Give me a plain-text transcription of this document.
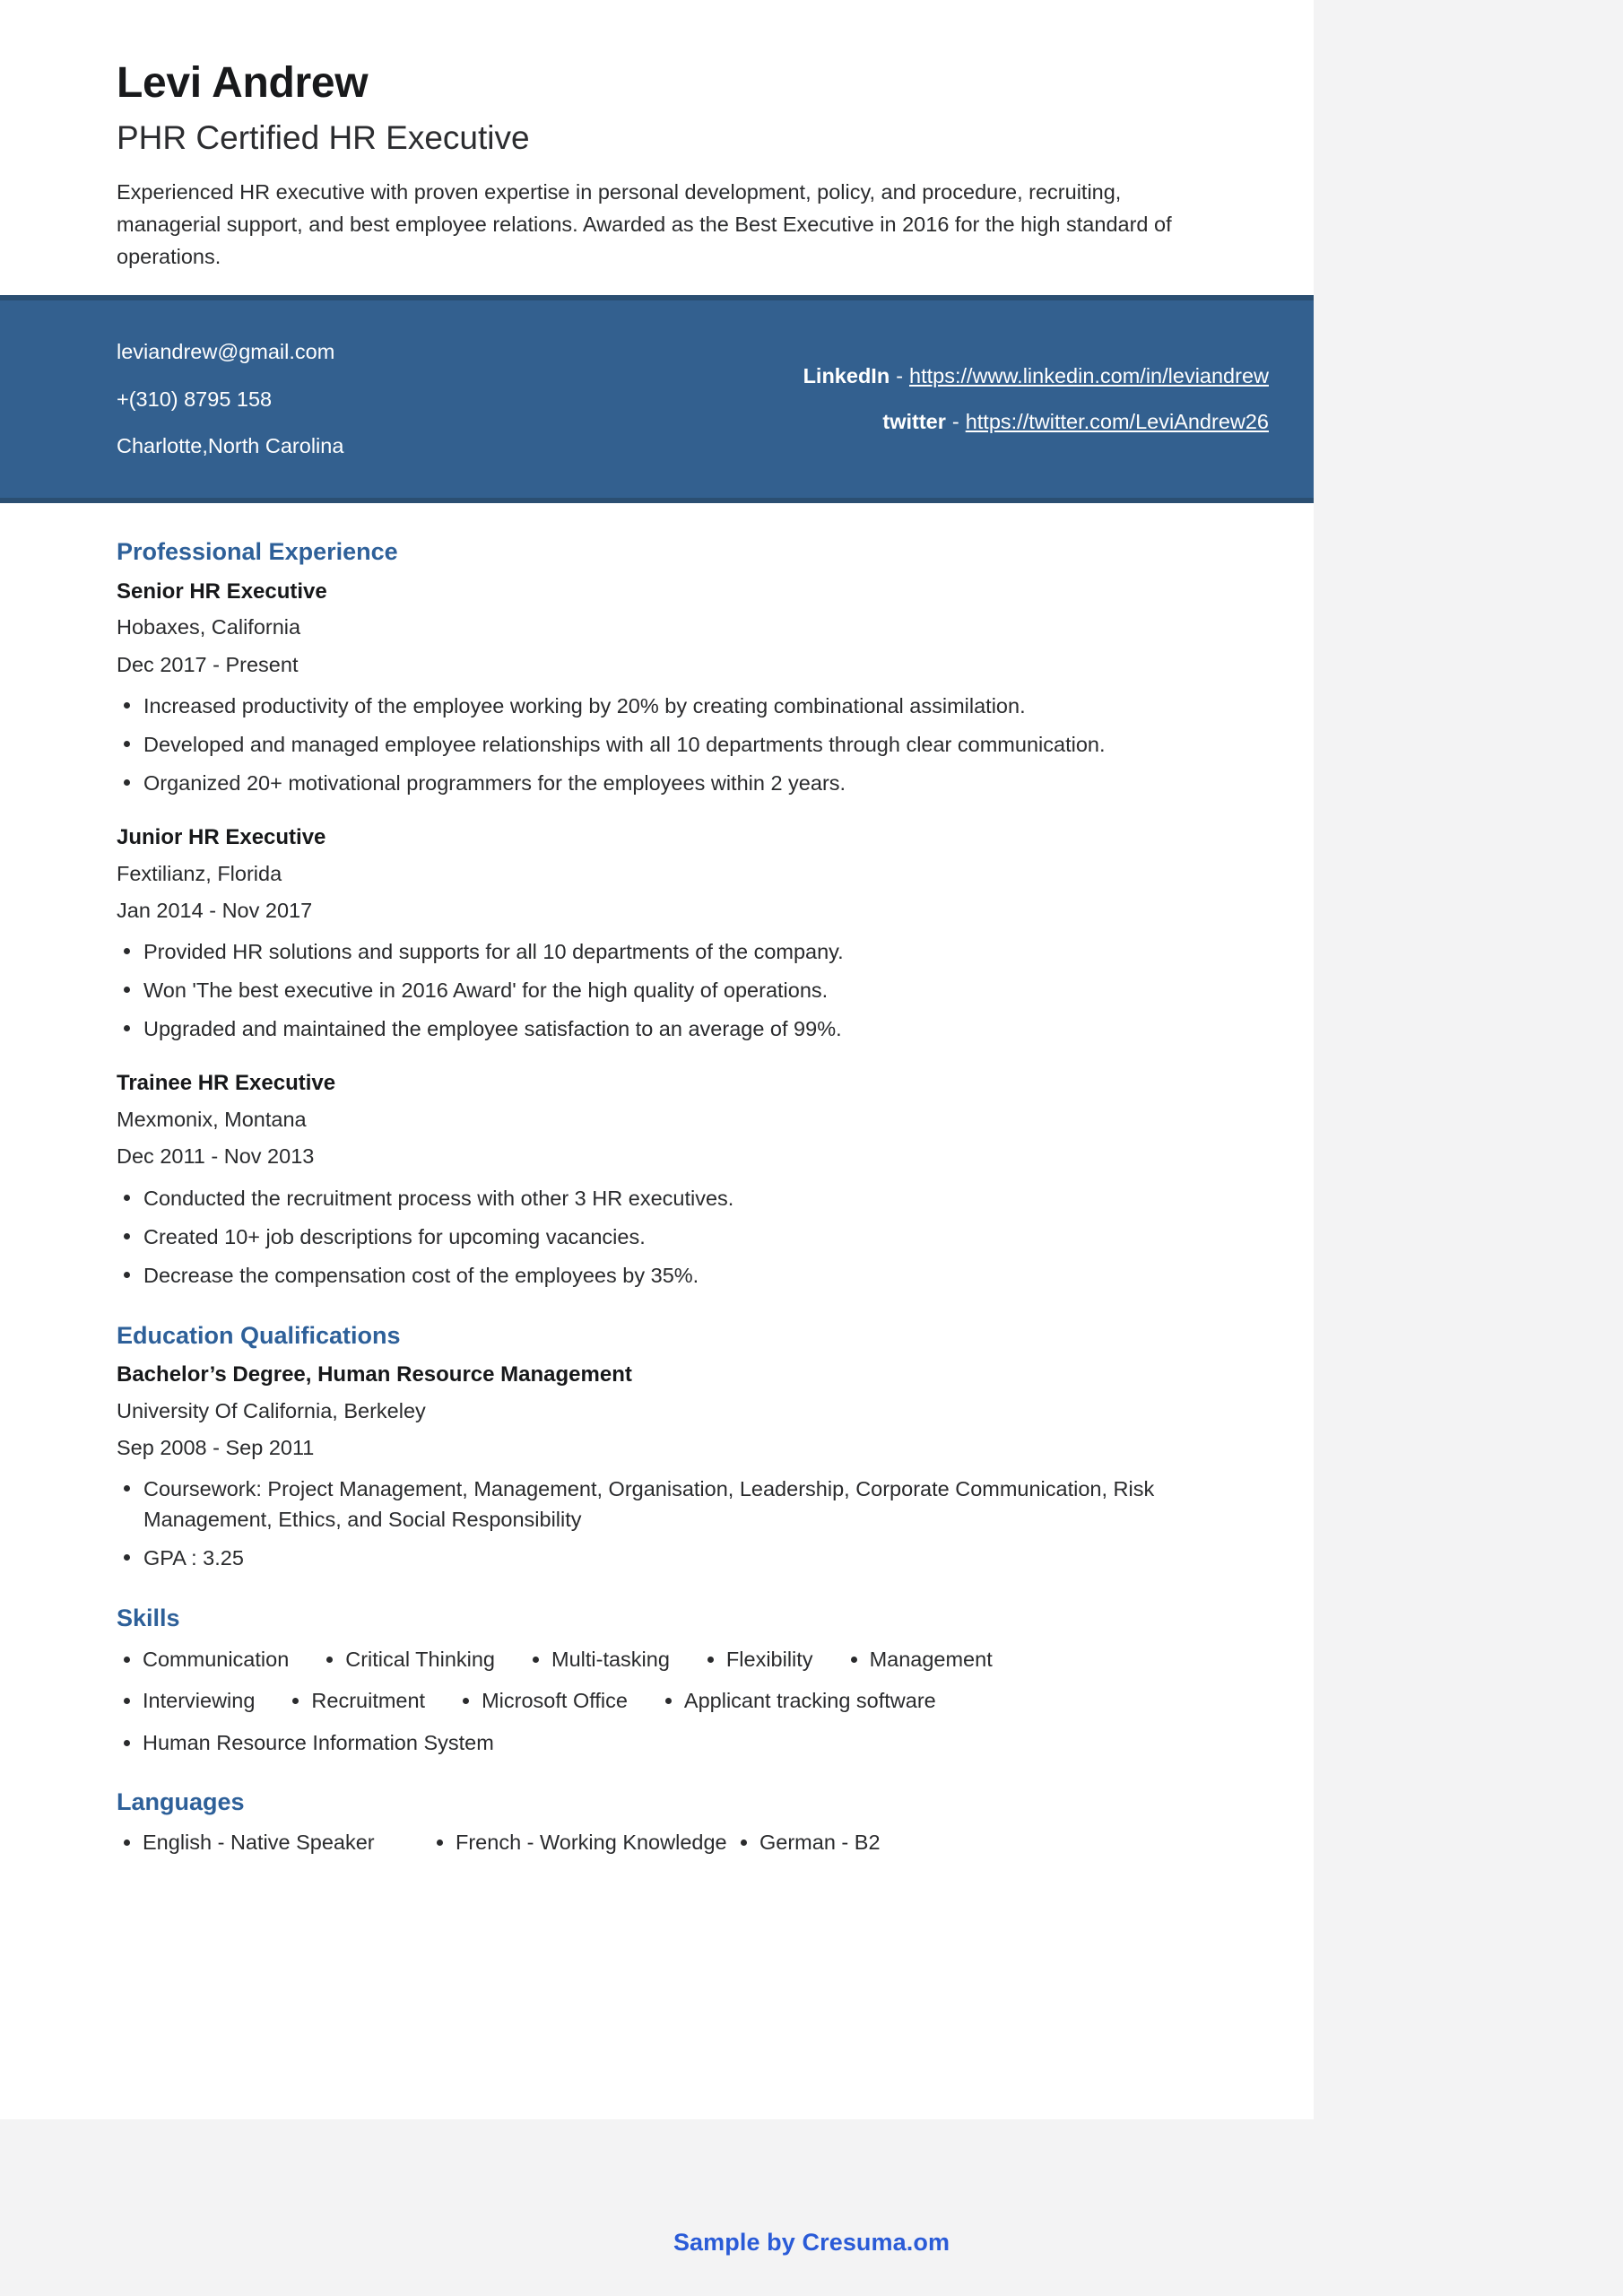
Levi Andrew
PHR Certified HR Executive

Experienced HR executive with proven expertise in personal development, policy, and procedure, recruiting, managerial support, and best employee relations. Awarded as the Best Executive in 2016 for the high standard of operations.

leviandrew@gmail.com
+(310) 8795 158
Charlotte,North Carolina
LinkedIn - https://www.linkedin.com/in/leviandrew
twitter - https://twitter.com/LeviAndrew26
Professional Experience
Senior HR Executive
Hobaxes, California
Dec 2017 - Present
Increased productivity of the employee working by 20% by creating combinational assimilation.
Developed and managed employee relationships with all 10 departments through clear communication.
Organized 20+ motivational programmers for the employees within 2 years.
Junior HR Executive
Fextilianz, Florida
Jan 2014 - Nov 2017
Provided HR solutions and supports for all 10 departments of the company.
Won 'The best executive in 2016 Award' for the high quality of operations.
Upgraded and maintained the employee satisfaction to an average of 99%.
Trainee HR Executive
Mexmonix, Montana
Dec 2011 - Nov 2013
Conducted the recruitment process with other 3 HR executives.
Created 10+ job descriptions for upcoming vacancies.
Decrease the compensation cost of the employees by 35%.
Education Qualifications
Bachelor’s Degree, Human Resource Management
University Of California, Berkeley
Sep 2008 - Sep 2011
Coursework: Project Management, Management, Organisation, Leadership, Corporate Communication, Risk Management, Ethics, and Social Responsibility
GPA : 3.25
Skills
Communication	Critical Thinking	Multi-tasking	Flexibility	Management
Interviewing	Recruitment	Microsoft Office	Applicant tracking software
Human Resource Information System
Languages
English - Native Speaker	French - Working Knowledge	German - B2
Sample by Cresuma.om
